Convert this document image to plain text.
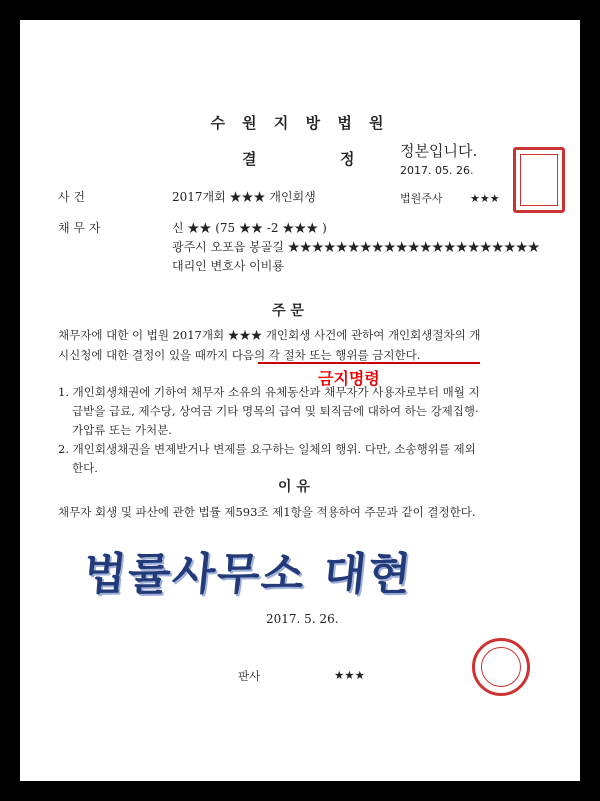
수 원 지 방 법 원
결	정	정본입니다.
2017. 05. 26.
법원주사	★★★
사 건	2017개회 ★★★ 개인회생
채 무 자	신 ★★ (75 ★★ -2 ★★★ )
광주시 오포읍 봉골길 ★★★★★★★★★★★★★★★★★★★★★
대리인 변호사 이비룡
주 문
채무자에 대한 이 법원 2017개회 ★★★ 개인회생 사건에 관하여 개인회생절차의 개
시신청에 대한 결정이 있을 때까지 다음의 각 절차 또는 행위를 금지한다.
금지명령
1. 개인회생채권에 기하여 채무자 소유의 유체동산과 채무자가 사용자로부터 매월 지
급받을 급료, 제수당, 상여금 기타 명목의 급여 및 퇴직금에 대하여 하는 강제집행·
가압류 또는 가처분.
2. 개인회생채권을 변제받거나 변제를 요구하는 일체의 행위. 다만, 소송행위를 제외
한다.
이 유
채무자 회생 및 파산에 관한 법률 제593조 제1항을 적용하여 주문과 같이 결정한다.
법률사무소 대현
2017. 5. 26.
판사	★★★
